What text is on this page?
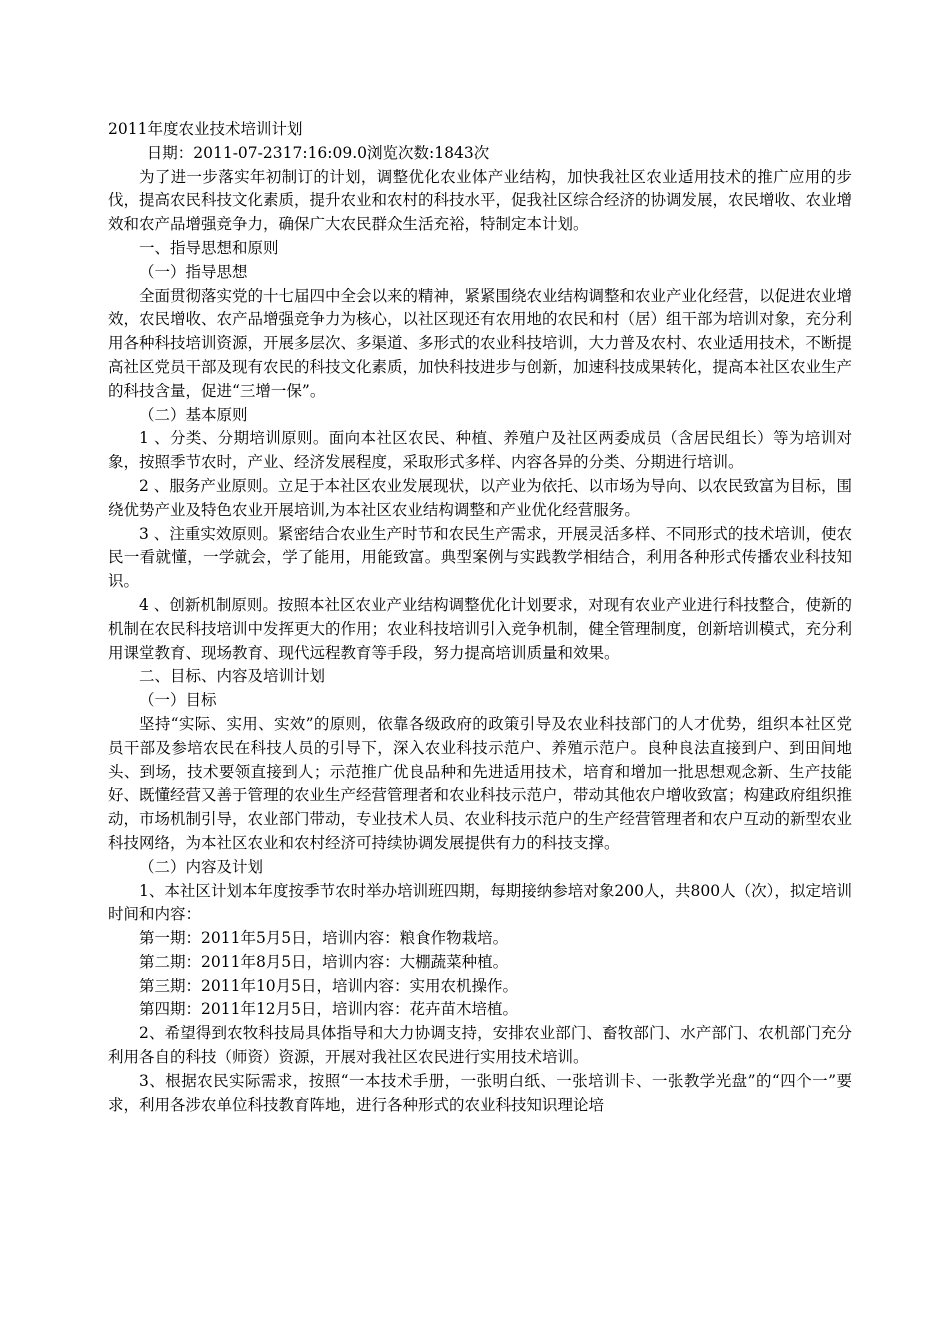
2011年度农业技术培训计划

日期：2011-07-2317:16:09.0浏览次数:1843次

为了进一步落实年初制订的计划，调整优化农业体产业结构，加快我社区农业适用技术的推广应用的步伐，提高农民科技文化素质，提升农业和农村的科技水平，促我社区综合经济的协调发展，农民增收、农业增效和农产品增强竞争力，确保广大农民群众生活充裕，特制定本计划。

一、指导思想和原则

（一）指导思想

全面贯彻落实党的十七届四中全会以来的精神，紧紧围绕农业结构调整和农业产业化经营，以促进农业增效，农民增收、农产品增强竞争力为核心，以社区现还有农用地的农民和村（居）组干部为培训对象，充分利用各种科技培训资源，开展多层次、多渠道、多形式的农业科技培训，大力普及农村、农业适用技术，不断提高社区党员干部及现有农民的科技文化素质，加快科技进步与创新，加速科技成果转化，提高本社区农业生产的科技含量，促进“三增一保”。

（二）基本原则

1 、分类、分期培训原则。面向本社区农民、种植、养殖户及社区两委成员（含居民组长）等为培训对象，按照季节农时，产业、经济发展程度，采取形式多样、内容各异的分类、分期进行培训。

2 、服务产业原则。立足于本社区农业发展现状，以产业为依托、以市场为导向、以农民致富为目标，围绕优势产业及特色农业开展培训,为本社区农业结构调整和产业优化经营服务。

3 、注重实效原则。紧密结合农业生产时节和农民生产需求，开展灵活多样、不同形式的技术培训，使农民一看就懂，一学就会，学了能用，用能致富。典型案例与实践教学相结合，利用各种形式传播农业科技知识。

4 、创新机制原则。按照本社区农业产业结构调整优化计划要求，对现有农业产业进行科技整合，使新的机制在农民科技培训中发挥更大的作用；农业科技培训引入竞争机制，健全管理制度，创新培训模式，充分利用课堂教育、现场教育、现代远程教育等手段，努力提高培训质量和效果。

二、目标、内容及培训计划

（一）目标

坚持“实际、实用、实效”的原则，依靠各级政府的政策引导及农业科技部门的人才优势，组织本社区党员干部及参培农民在科技人员的引导下，深入农业科技示范户、养殖示范户。良种良法直接到户、到田间地头、到场，技术要领直接到人；示范推广优良品种和先进适用技术，培育和增加一批思想观念新、生产技能好、既懂经营又善于管理的农业生产经营管理者和农业科技示范户，带动其他农户增收致富；构建政府组织推动，市场机制引导，农业部门带动，专业技术人员、农业科技示范户的生产经营管理者和农户互动的新型农业科技网络，为本社区农业和农村经济可持续协调发展提供有力的科技支撑。

（二）内容及计划

1、本社区计划本年度按季节农时举办培训班四期，每期接纳参培对象200人，共800人（次），拟定培训时间和内容：

第一期：2011年5月5日，培训内容：粮食作物栽培。

第二期：2011年8月5日，培训内容：大棚蔬菜种植。

第三期：2011年10月5日，培训内容：实用农机操作。

第四期：2011年12月5日，培训内容：花卉苗木培植。

2、希望得到农牧科技局具体指导和大力协调支持，安排农业部门、畜牧部门、水产部门、农机部门充分利用各自的科技（师资）资源，开展对我社区农民进行实用技术培训。

3、根据农民实际需求，按照“一本技术手册，一张明白纸、一张培训卡、一张教学光盘”的“四个一”要求，利用各涉农单位科技教育阵地，进行各种形式的农业科技知识理论培
